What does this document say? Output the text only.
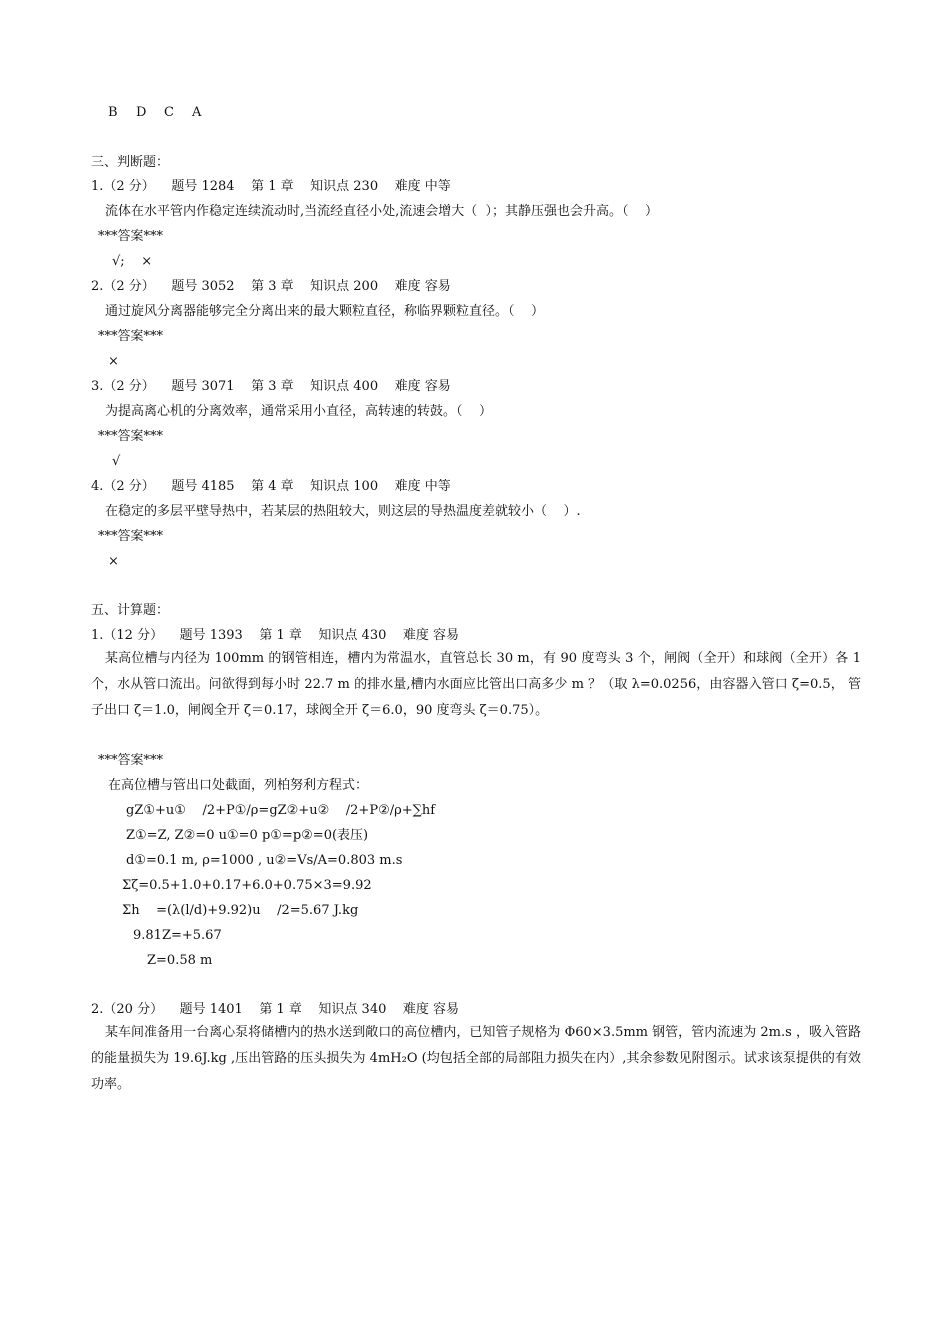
B D C A
三、判断题：
1.（2 分）    题号 1284    第 1 章    知识点 230    难度 中等
流体在水平管内作稳定连续流动时,当流经直径小处,流速会增大（  ）；其静压强也会升高。（    ）
***答案***
√;    ×
2.（2 分）    题号 3052    第 3 章    知识点 200    难度 容易
通过旋风分离器能够完全分离出来的最大颗粒直径，称临界颗粒直径。（    ）
***答案***
×
3.（2 分）    题号 3071    第 3 章    知识点 400    难度 容易
为提高离心机的分离效率，通常采用小直径，高转速的转鼓。（    ）
***答案***
√
4.（2 分）    题号 4185    第 4 章    知识点 100    难度 中等
在稳定的多层平壁导热中，若某层的热阻较大，则这层的导热温度差就较小（    ）.
***答案***
×
五、计算题：
1.（12 分）    题号 1393    第 1 章    知识点 430    难度 容易
某高位槽与内径为 100mm 的钢管相连，槽内为常温水，直管总长 30 m，有 90 度弯头 3 个，闸阀（全开）和球阀（全开）各 1 个，水从管口流出。问欲得到每小时 22.7 m 的排水量,槽内水面应比管出口高多少 m ？（取 λ=0.0256，由容器入管口 ζ=0.5， 管子出口 ζ＝1.0，闸阀全开 ζ＝0.17，球阀全开 ζ＝6.0，90 度弯头 ζ＝0.75）。
***答案***
在高位槽与管出口处截面，列柏努利方程式：
gZ①+u①    /2+P①/ρ=gZ②+u②    /2+P②/ρ+∑hf
Z①=Z, Z②=0 u①=0 p①=p②=0(表压)
d①=0.1 m, ρ=1000 , u②=Vs/A=0.803 m.s
Σζ=0.5+1.0+0.17+6.0+0.75×3=9.92
Σh    =(λ(l/d)+9.92)u    /2=5.67 J.kg
9.81Z=+5.67
Z=0.58 m
2.（20 分）    题号 1401    第 1 章    知识点 340    难度 容易
某车间准备用一台离心泵将储槽内的热水送到敞口的高位槽内，已知管子规格为 Φ60×3.5mm 钢管，管内流速为 2m.s ，吸入管路的能量损失为 19.6J.kg ,压出管路的压头损失为 4mH₂O (均包括全部的局部阻力损失在内）,其余参数见附图示。试求该泵提供的有效功率。
